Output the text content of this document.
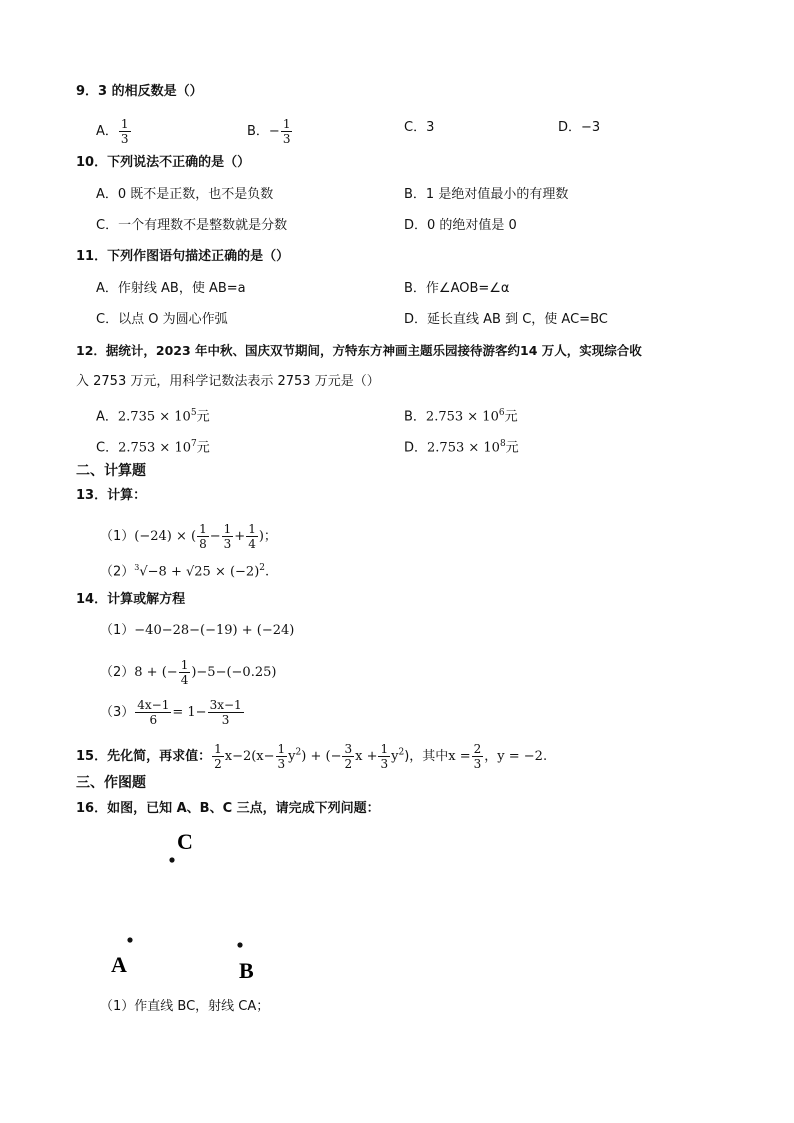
9．3 的相反数是（）
A． $\frac{1}{3}$	B．− $\frac{1}{3}$	C．3	D．−3
10．下列说法不正确的是（）
A．0 既不是正数，也不是负数	B．1 是绝对值最小的有理数
C．一个有理数不是整数就是分数	D．0 的绝对值是 0
11．下列作图语句描述正确的是（）
A．作射线 AB，使 AB=a	B．作∠AOB=∠α
C．以点 O 为圆心作弧	D．延长直线 AB 到 C，使 AC=BC
12．据统计，2023 年中秋、国庆双节期间，方特东方神画主题乐园接待游客约14 万人，实现综合收
入 2753 万元，用科学记数法表示 2753 万元是（）
A．$2.735 \times 10^5$元	B．$2.753 \times 10^6$元
C．$2.753 \times 10^7$元	D．$2.753 \times 10^8$元
二、计算题
13．计算：
（1）(−24) × ( $\frac{1}{8} - \frac{1}{3} + \frac{1}{4}$ )；
$(2)^3√-8 + √25 \times (-2)^2$.
14．计算或解方程
（1）−40−28−(−19) + (−24)
（2）8 + (− $\frac{1}{4} )-5-(-0.25)$
$(3) \frac{4x-1}{6} = 1- \frac{3x-1}{3}$
15．先化简，再求值： $\frac{1}{2} x-2(x- \frac{1}{3} y^2)$ + (− $\frac{3}{2}$ $x + \frac{1}{3} y^2$)，其中$x = \frac{2}{3}$ ，y = −2.
三、作图题
16．如图，已知 A、B、C 三点，请完成下列问题：
C
A	B
（1）作直线 BC，射线 CA；
